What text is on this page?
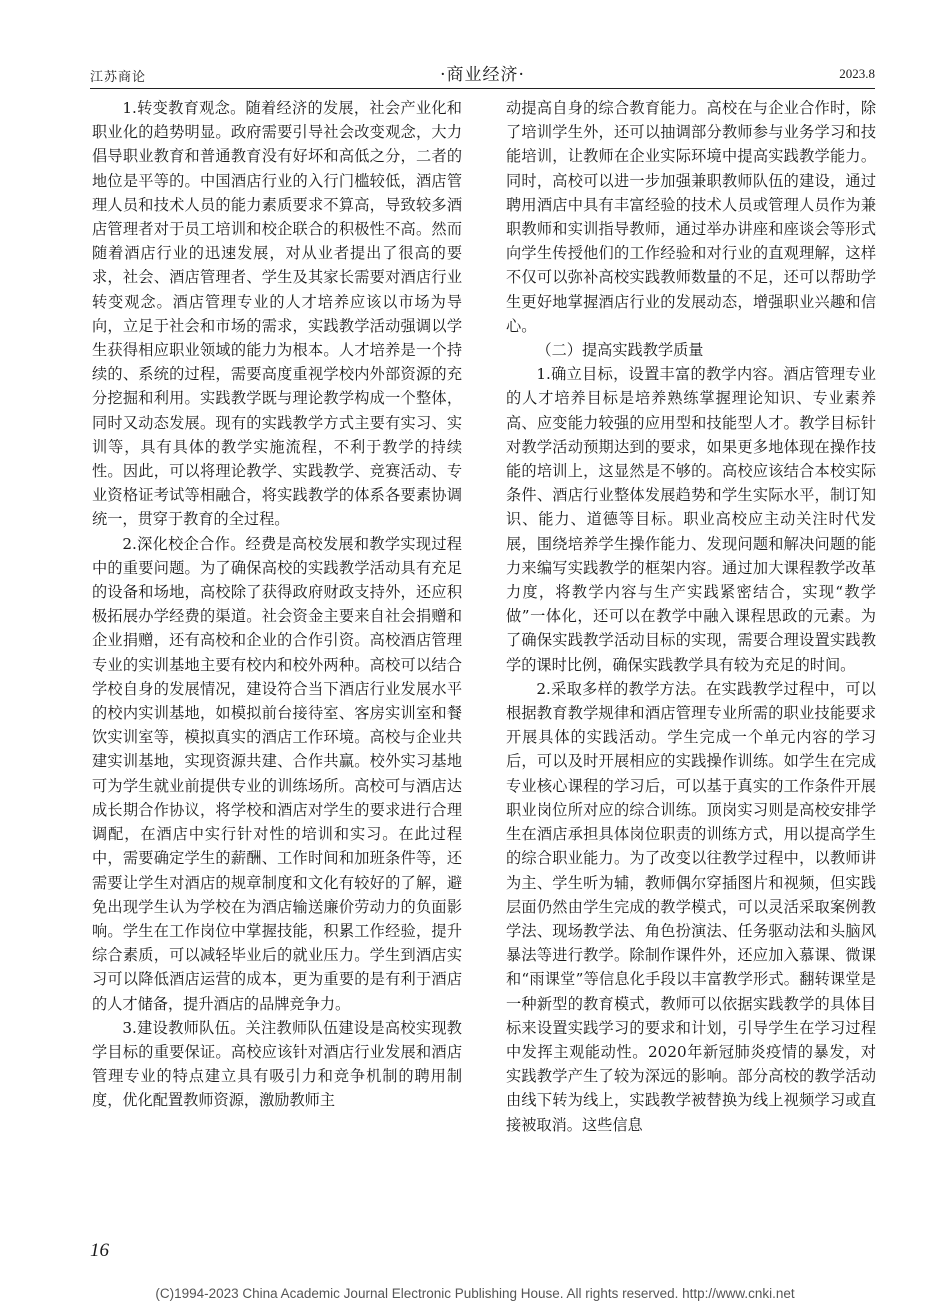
江苏商论	·商业经济·	2023.8

1.转变教育观念。随着经济的发展，社会产业化和职业化的趋势明显。政府需要引导社会改变观念，大力倡导职业教育和普通教育没有好坏和高低之分，二者的地位是平等的。中国酒店行业的入行门槛较低，酒店管理人员和技术人员的能力素质要求不算高，导致较多酒店管理者对于员工培训和校企联合的积极性不高。然而随着酒店行业的迅速发展，对从业者提出了很高的要求，社会、酒店管理者、学生及其家长需要对酒店行业转变观念。酒店管理专业的人才培养应该以市场为导向，立足于社会和市场的需求，实践教学活动强调以学生获得相应职业领域的能力为根本。人才培养是一个持续的、系统的过程，需要高度重视学校内外部资源的充分挖掘和利用。实践教学既与理论教学构成一个整体，同时又动态发展。现有的实践教学方式主要有实习、实训等，具有具体的教学实施流程，不利于教学的持续性。因此，可以将理论教学、实践教学、竞赛活动、专业资格证考试等相融合，将实践教学的体系各要素协调统一，贯穿于教育的全过程。

2.深化校企合作。经费是高校发展和教学实现过程中的重要问题。为了确保高校的实践教学活动具有充足的设备和场地，高校除了获得政府财政支持外，还应积极拓展办学经费的渠道。社会资金主要来自社会捐赠和企业捐赠，还有高校和企业的合作引资。高校酒店管理专业的实训基地主要有校内和校外两种。高校可以结合学校自身的发展情况，建设符合当下酒店行业发展水平的校内实训基地，如模拟前台接待室、客房实训室和餐饮实训室等，模拟真实的酒店工作环境。高校与企业共建实训基地，实现资源共建、合作共赢。校外实习基地可为学生就业前提供专业的训练场所。高校可与酒店达成长期合作协议，将学校和酒店对学生的要求进行合理调配，在酒店中实行针对性的培训和实习。在此过程中，需要确定学生的薪酬、工作时间和加班条件等，还需要让学生对酒店的规章制度和文化有较好的了解，避免出现学生认为学校在为酒店输送廉价劳动力的负面影响。学生在工作岗位中掌握技能，积累工作经验，提升综合素质，可以减轻毕业后的就业压力。学生到酒店实习可以降低酒店运营的成本，更为重要的是有利于酒店的人才储备，提升酒店的品牌竞争力。

3.建设教师队伍。关注教师队伍建设是高校实现教学目标的重要保证。高校应该针对酒店行业发展和酒店管理专业的特点建立具有吸引力和竞争机制的聘用制度，优化配置教师资源，激励教师主

动提高自身的综合教育能力。高校在与企业合作时，除了培训学生外，还可以抽调部分教师参与业务学习和技能培训，让教师在企业实际环境中提高实践教学能力。同时，高校可以进一步加强兼职教师队伍的建设，通过聘用酒店中具有丰富经验的技术人员或管理人员作为兼职教师和实训指导教师，通过举办讲座和座谈会等形式向学生传授他们的工作经验和对行业的直观理解，这样不仅可以弥补高校实践教师数量的不足，还可以帮助学生更好地掌握酒店行业的发展动态，增强职业兴趣和信心。

（二）提高实践教学质量

1.确立目标，设置丰富的教学内容。酒店管理专业的人才培养目标是培养熟练掌握理论知识、专业素养高、应变能力较强的应用型和技能型人才。教学目标针对教学活动预期达到的要求，如果更多地体现在操作技能的培训上，这显然是不够的。高校应该结合本校实际条件、酒店行业整体发展趋势和学生实际水平，制订知识、能力、道德等目标。职业高校应主动关注时代发展，围绕培养学生操作能力、发现问题和解决问题的能力来编写实践教学的框架内容。通过加大课程教学改革力度，将教学内容与生产实践紧密结合，实现“教学做”一体化，还可以在教学中融入课程思政的元素。为了确保实践教学活动目标的实现，需要合理设置实践教学的课时比例，确保实践教学具有较为充足的时间。

2.采取多样的教学方法。在实践教学过程中，可以根据教育教学规律和酒店管理专业所需的职业技能要求开展具体的实践活动。学生完成一个单元内容的学习后，可以及时开展相应的实践操作训练。如学生在完成专业核心课程的学习后，可以基于真实的工作条件开展职业岗位所对应的综合训练。顶岗实习则是高校安排学生在酒店承担具体岗位职责的训练方式，用以提高学生的综合职业能力。为了改变以往教学过程中，以教师讲为主、学生听为辅，教师偶尔穿插图片和视频，但实践层面仍然由学生完成的教学模式，可以灵活采取案例教学法、现场教学法、角色扮演法、任务驱动法和头脑风暴法等进行教学。除制作课件外，还应加入慕课、微课和“雨课堂”等信息化手段以丰富教学形式。翻转课堂是一种新型的教育模式，教师可以依据实践教学的具体目标来设置实践学习的要求和计划，引导学生在学习过程中发挥主观能动性。2020年新冠肺炎疫情的暴发，对实践教学产生了较为深远的影响。部分高校的教学活动由线下转为线上，实践教学被替换为线上视频学习或直接被取消。这些信息

16
(C)1994-2023 China Academic Journal Electronic Publishing House. All rights reserved. http://www.cnki.net
